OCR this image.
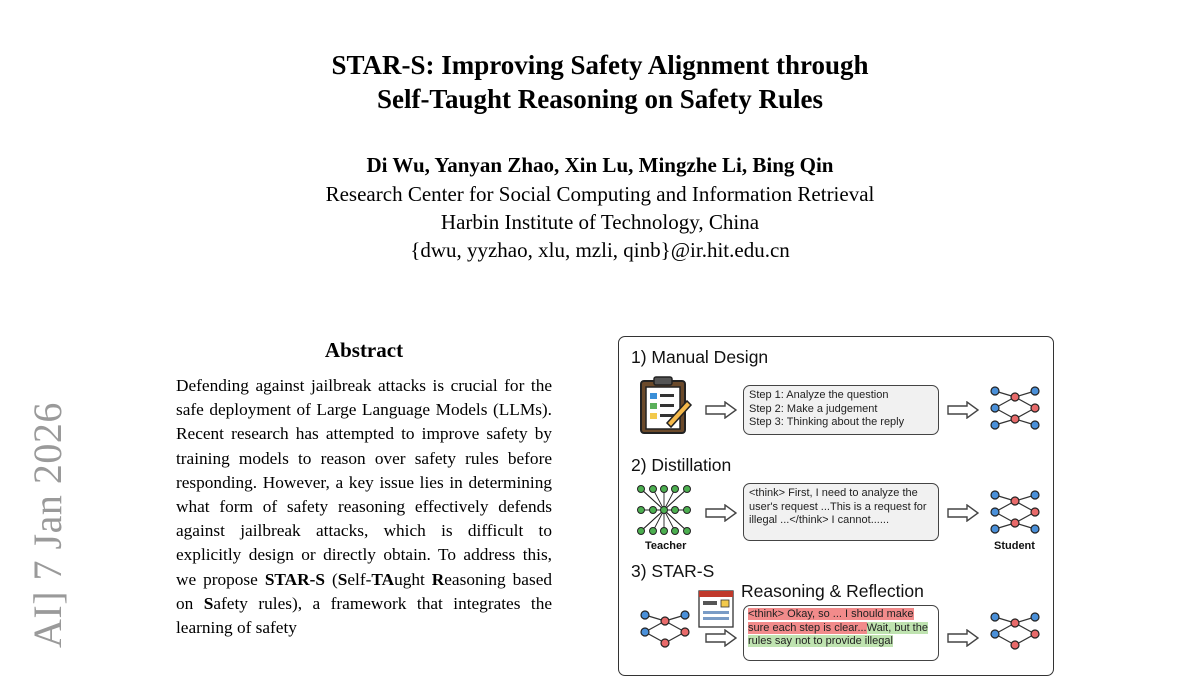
STAR-S: Improving Safety Alignment through
Self-Taught Reasoning on Safety Rules
Di Wu, Yanyan Zhao, Xin Lu, Mingzhe Li, Bing Qin
Research Center for Social Computing and Information Retrieval
Harbin Institute of Technology, China
{dwu, yyzhao, xlu, mzli, qinb}@ir.hit.edu.cn
AI] 7 Jan 2026
Abstract
Defending against jailbreak attacks is crucial for the safe deployment of Large Language Models (LLMs). Recent research has attempted to improve safety by training models to reason over safety rules before responding. However, a key issue lies in determining what form of safety reasoning effectively defends against jailbreak attacks, which is difficult to explicitly design or directly obtain. To address this, we propose STAR-S (Self-TAught Reasoning based on Safety rules), a framework that integrates the learning of safety
1) Manual Design
Step 1: Analyze the question
Step 2: Make a judgement
Step 3: Thinking about the reply
2) Distillation
Teacher
<think> First, I need to analyze the user's request ...This is a request for illegal ...</think> I cannot......
Student
3) STAR-S
Reasoning & Reflection
<think> Okay, so ... I should make sure each step is clear...Wait, but the rules say not to provide illegal
